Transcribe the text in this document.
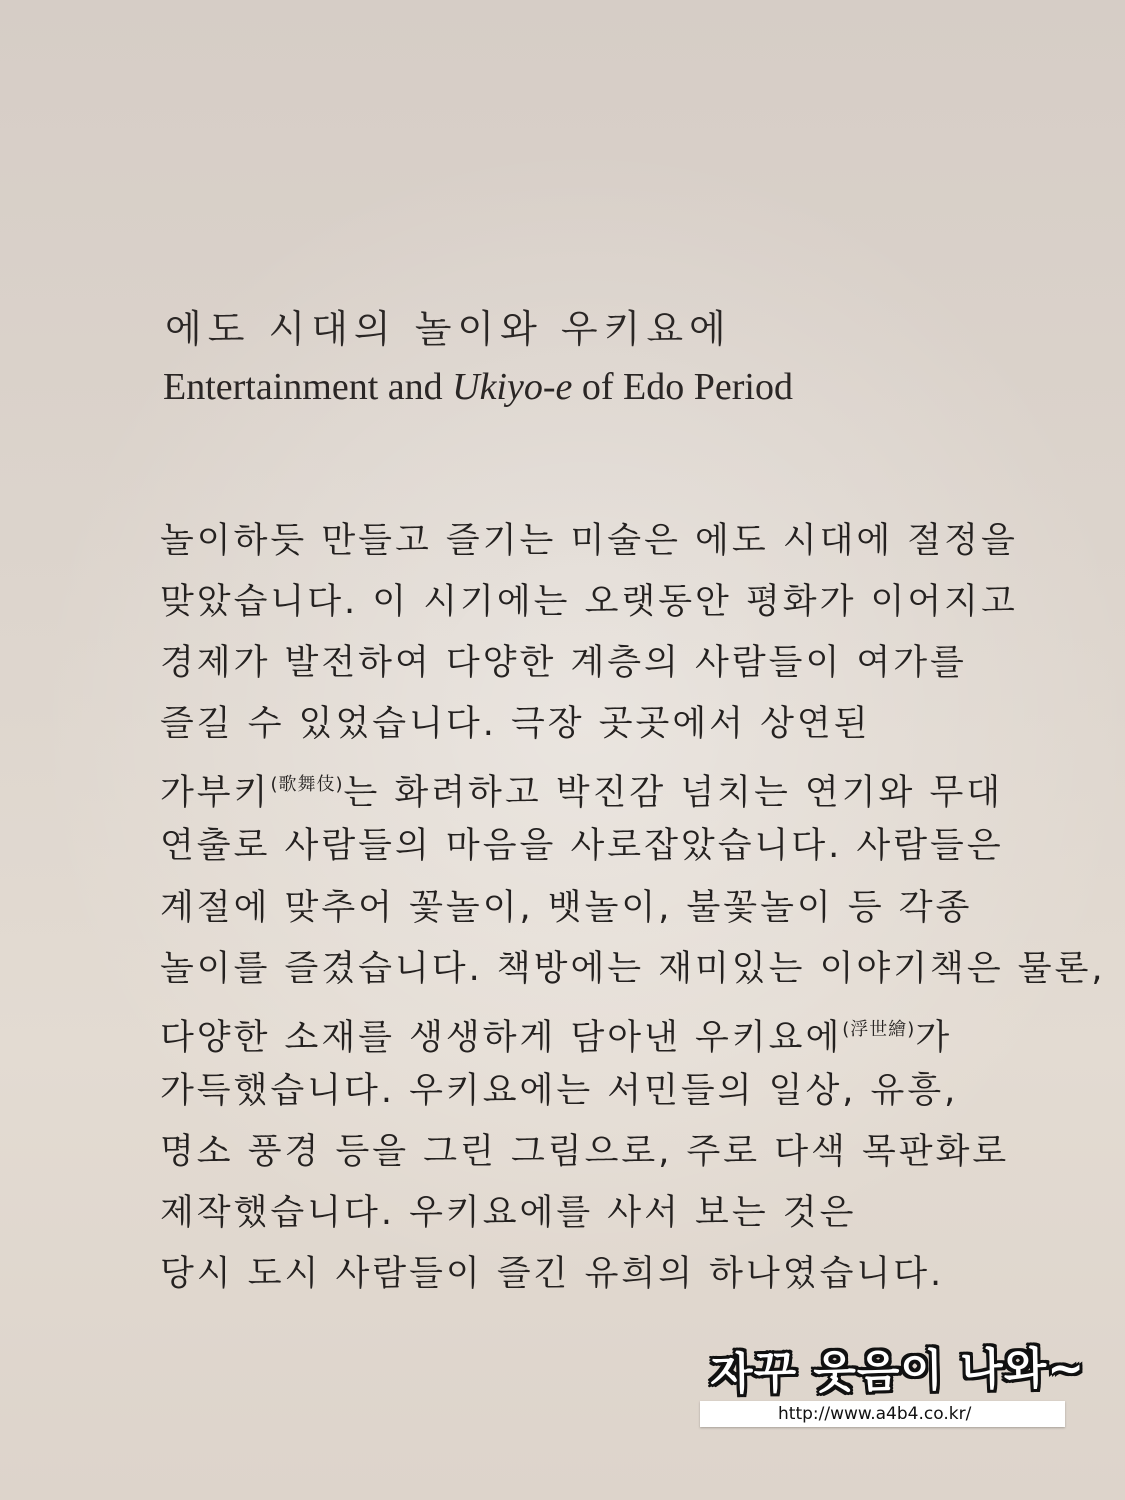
에도 시대의 놀이와 우키요에
Entertainment and Ukiyo-e of Edo Period
놀이하듯 만들고 즐기는 미술은 에도 시대에 절정을
맞았습니다. 이 시기에는 오랫동안 평화가 이어지고
경제가 발전하여 다양한 계층의 사람들이 여가를
즐길 수 있었습니다. 극장 곳곳에서 상연된
가부키$^{(歌舞伎)}$는 화려하고 박진감 넘치는 연기와 무대
연출로 사람들의 마음을 사로잡았습니다. 사람들은
계절에 맞추어 꽃놀이, 뱃놀이, 불꽃놀이 등 각종
놀이를 즐겼습니다. 책방에는 재미있는 이야기책은 물론,
다양한 소재를 생생하게 담아낸 우키요에$^{(浮世繪)}$가
가득했습니다. 우키요에는 서민들의 일상, 유흥,
명소 풍경 등을 그린 그림으로, 주로 다색 목판화로
제작했습니다. 우키요에를 사서 보는 것은
당시 도시 사람들이 즐긴 유희의 하나였습니다.
자꾸 웃음이 나와~
http://www.a4b4.co.kr/
